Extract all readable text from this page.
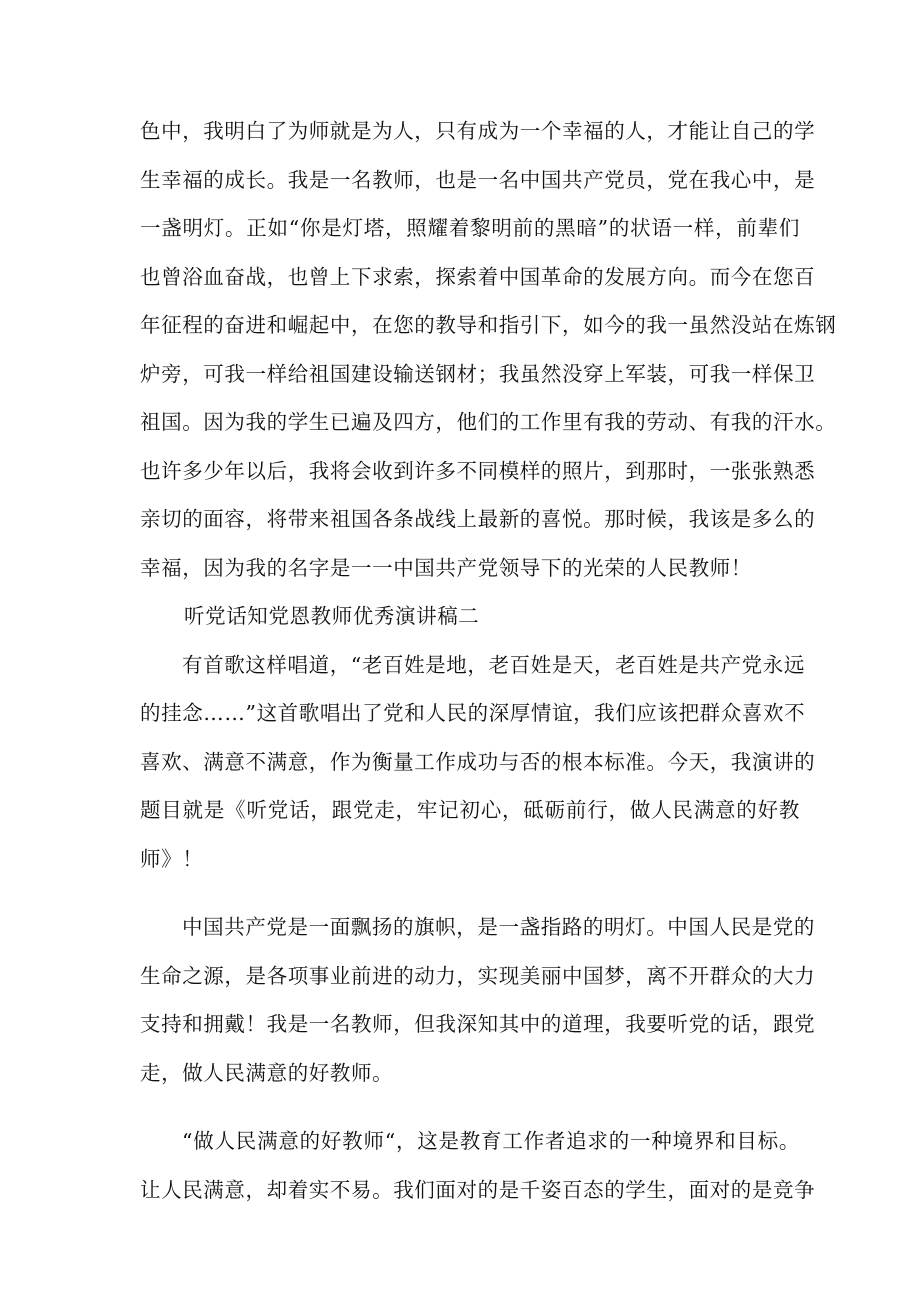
色中，我明白了为师就是为人，只有成为一个幸福的人，才能让自己的学
生幸福的成长。我是一名教师，也是一名中国共产党员，党在我心中，是
一盏明灯。正如“你是灯塔，照耀着黎明前的黑暗”的状语一样，前辈们
也曾浴血奋战，也曾上下求索，探索着中国革命的发展方向。而今在您百
年征程的奋进和崛起中，在您的教导和指引下，如今的我一虽然没站在炼钢
炉旁，可我一样给祖国建设输送钢材；我虽然没穿上军装，可我一样保卫
祖国。因为我的学生已遍及四方，他们的工作里有我的劳动、有我的汗水。
也许多少年以后，我将会收到许多不同模样的照片，到那时，一张张熟悉
亲切的面容，将带来祖国各条战线上最新的喜悦。那时候，我该是多么的
幸福，因为我的名字是一一中国共产党领导下的光荣的人民教师！
听党话知党恩教师优秀演讲稿二
有首歌这样唱道，“老百姓是地，老百姓是天，老百姓是共产党永远
的挂念……”这首歌唱出了党和人民的深厚情谊，我们应该把群众喜欢不
喜欢、满意不满意，作为衡量工作成功与否的根本标准。今天，我演讲的
题目就是《听党话，跟党走，牢记初心，砥砺前行，做人民满意的好教
师》！
中国共产党是一面飘扬的旗帜，是一盏指路的明灯。中国人民是党的
生命之源，是各项事业前进的动力，实现美丽中国梦，离不开群众的大力
支持和拥戴！我是一名教师，但我深知其中的道理，我要听党的话，跟党
走，做人民满意的好教师。
“做人民满意的好教师“，这是教育工作者追求的一种境界和目标。
让人民满意，却着实不易。我们面对的是千姿百态的学生，面对的是竞争
